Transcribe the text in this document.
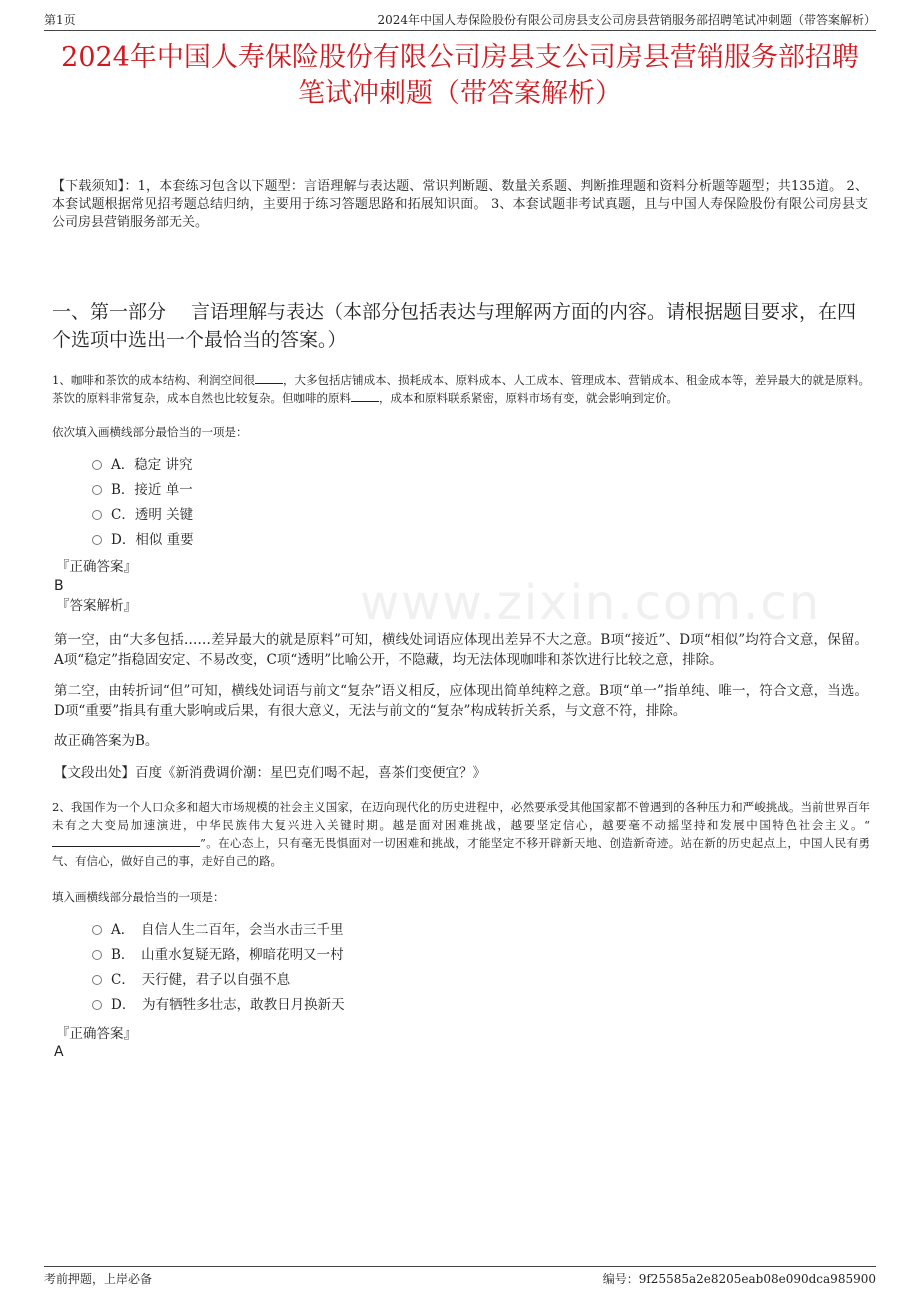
www.zixin.com.cn
第1页	2024年中国人寿保险股份有限公司房县支公司房县营销服务部招聘笔试冲刺题（带答案解析）
2024年中国人寿保险股份有限公司房县支公司房县营销服务部招聘笔试冲刺题（带答案解析）
【下载须知】：1，本套练习包含以下题型：言语理解与表达题、常识判断题、数量关系题、判断推理题和资料分析题等题型；共135道。 2、本套试题根据常见招考题总结归纳，主要用于练习答题思路和拓展知识面。 3、本套试题非考试真题，且与中国人寿保险股份有限公司房县支公司房县营销服务部无关。
一、第一部分　 言语理解与表达（本部分包括表达与理解两方面的内容。请根据题目要求，在四个选项中选出一个最恰当的答案。）
1、咖啡和茶饮的成本结构、利润空间很 ，大多包括店铺成本、损耗成本、原料成本、人工成本、管理成本、营销成本、租金成本等，差异最大的就是原料。茶饮的原料非常复杂，成本自然也比较复杂。但咖啡的原料 ，成本和原料联系紧密，原料市场有变，就会影响到定价。
依次填入画横线部分最恰当的一项是：
A．稳定 讲究
B．接近 单一
C．透明 关键
D．相似 重要
『正确答案』
B
『答案解析』
第一空，由“大多包括……差异最大的就是原料”可知，横线处词语应体现出差异不大之意。B项“接近”、D项“相似”均符合文意，保留。A项“稳定”指稳固安定、不易改变，C项“透明”比喻公开，不隐藏，均无法体现咖啡和茶饮进行比较之意，排除。
第二空，由转折词“但”可知，横线处词语与前文“复杂”语义相反，应体现出简单纯粹之意。B项“单一”指单纯、唯一，符合文意，当选。D项“重要”指具有重大影响或后果，有很大意义，无法与前文的“复杂”构成转折关系，与文意不符，排除。
故正确答案为B。
【文段出处】百度《新消费调价潮：星巴克们喝不起，喜茶们变便宜？》
2、我国作为一个人口众多和超大市场规模的社会主义国家，在迈向现代化的历史进程中，必然要承受其他国家都不曾遇到的各种压力和严峻挑战。当前世界百年未有之大变局加速演进，中华民族伟大复兴进入关键时期。越是面对困难挑战，越要坚定信心，越要毫不动摇坚持和发展中国特色社会主义。“”。在心态上，只有毫无畏惧面对一切困难和挑战，才能坚定不移开辟新天地、创造新奇迹。站在新的历史起点上，中国人民有勇气、有信心，做好自己的事，走好自己的路。
填入画横线部分最恰当的一项是：
A．　自信人生二百年，会当水击三千里
B．　山重水复疑无路，柳暗花明又一村
C．　天行健，君子以自强不息
D．　为有牺牲多壮志，敢教日月换新天
『正确答案』
A
考前押题，上岸必备	编号：9f25585a2e8205eab08e090dca985900
